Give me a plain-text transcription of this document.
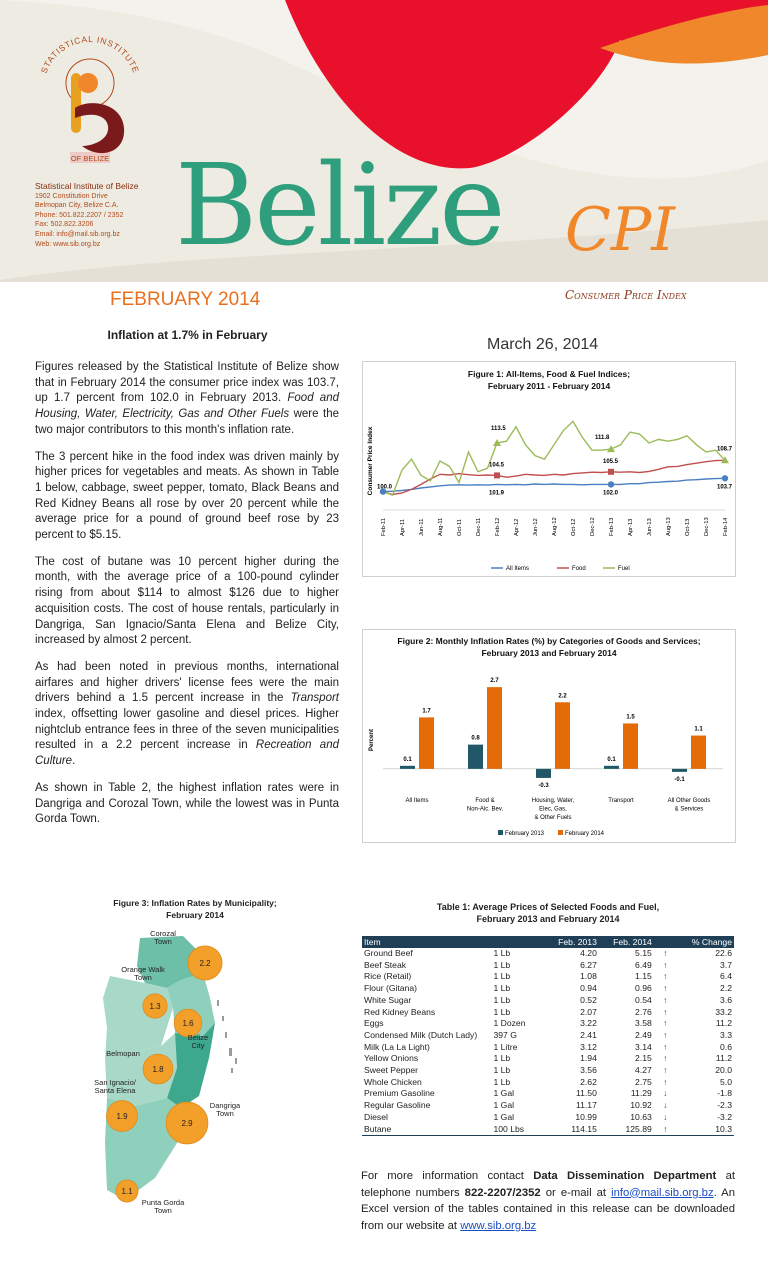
STATISTICAL INSTITUTE
OF BELIZE
Statistical Institute of Belize
1902 Constitution Drive
Belmopan City, Belize C.A.
Phone: 501.822.2207 / 2352
Fax: 502.822.3206
Email: info@mail.sib.org.bz
Web: www.sib.org.bz Belize CPI
Consumer Price Index
FEBRUARY 2014
Inflation at 1.7% in February
March 26, 2014

Figures released by the Statistical Institute of Belize show that in February 2014 the consumer price index was 103.7, up 1.7 percent from 102.0 in February 2013. Food and Housing, Water, Electricity, Gas and Other Fuels were the two major contributors to this month's inflation rate.

The 3 percent hike in the food index was driven mainly by higher prices for vegetables and meats. As shown in Table 1 below, cabbage, sweet pepper, tomato, Black Beans and Red Kidney Beans all rose by over 20 percent while the average price for a pound of ground beef rose by 23 percent to $5.15.

The cost of butane was 10 percent higher during the month, with the average price of a 100-pound cylinder rising from about $114 to almost $126 due to higher acquisition costs. The cost of house rentals, particularly in Dangriga, San Ignacio/Santa Elena and Belize City, increased by almost 2 percent.

As had been noted in previous months, international airfares and higher drivers' license fees were the main drivers behind a 1.5 percent increase in the Transport index, offsetting lower gasoline and diesel prices. Higher nightclub entrance fees in three of the seven municipalities resulted in a 2.2 percent increase in Recreation and Culture.

As shown in Table 2, the highest inflation rates were in Dangriga and Corozal Town, while the lowest was in Punta Gorda Town.

Figure 1: All-Items, Food & Fuel Indices;
February 2011 - February 2014
Consumer Price Index
Feb-11 Apr-11 Jun-11 Aug-11 Oct-11 Dec-11 Feb-12 Apr-12 Jun-12 Aug-12 Oct-12 Dec-12 Feb-13 Apr-13 Jun-13 Aug-13 Oct-13 Dec-13 Feb-14
100.0
113.5
104.5
101.9
111.8
105.5
102.0
108.7
103.7
All Items	Food	Fuel
Figure 2: Monthly Inflation Rates (%) by Categories of Goods and Services;
February 2013 and February 2014
Percent
0.1
1.7
All Items
0.8
2.7
Food &
Non-Alc. Bev.
-0.3
2.2
Housing, Water,
Elec, Gas,
& Other Fuels
0.1
1.5
Transport
-0.1
1.1
All Other Goods
& Services
February 2013	February 2014
Figure 3: Inflation Rates by Municipality;
February 2014
2.2
Corozal
Town
1.3
Orange Walk
Town
1.6
Belize
City
1.8
Belmopan
1.9
San Ignacio/
Santa Elena
2.9
Dangriga
Town
1.1
Punta Gorda
Town
Table 1: Average Prices of Selected Foods and Fuel,
February 2013 and February 2014
Item		Feb. 2013	Feb. 2014		% Change
Ground Beef	1 Lb	4.20	5.15	↑	22.6
Beef Steak	1 Lb	6.27	6.49	↑	3.7
Rice (Retail)	1 Lb	1.08	1.15	↑	6.4
Flour (Gitana)	1 Lb	0.94	0.96	↑	2.2
White Sugar	1 Lb	0.52	0.54	↑	3.6
Red Kidney Beans	1 Lb	2.07	2.76	↑	33.2
Eggs	1 Dozen	3.22	3.58	↑	11.2
Condensed Milk (Dutch Lady)	397 G	2.41	2.49	↑	3.3
Milk (La La Light)	1 Litre	3.12	3.14	↑	0.6
Yellow Onions	1 Lb	1.94	2.15	↑	11.2
Sweet Pepper	1 Lb	3.56	4.27	↑	20.0
Whole Chicken	1 Lb	2.62	2.75	↑	5.0
Premium Gasoline	1 Gal	11.50	11.29	↓	-1.8
Regular Gasoline	1 Gal	11.17	10.92	↓	-2.3
Diesel	1 Gal	10.99	10.63	↓	-3.2
Butane	100 Lbs	114.15	125.89	↑	10.3
For more information contact Data Dissemination Department at telephone numbers 822-2207/2352 or e-mail at info@mail.sib.org.bz. An Excel version of the tables contained in this release can be downloaded from our website at www.sib.org.bz
